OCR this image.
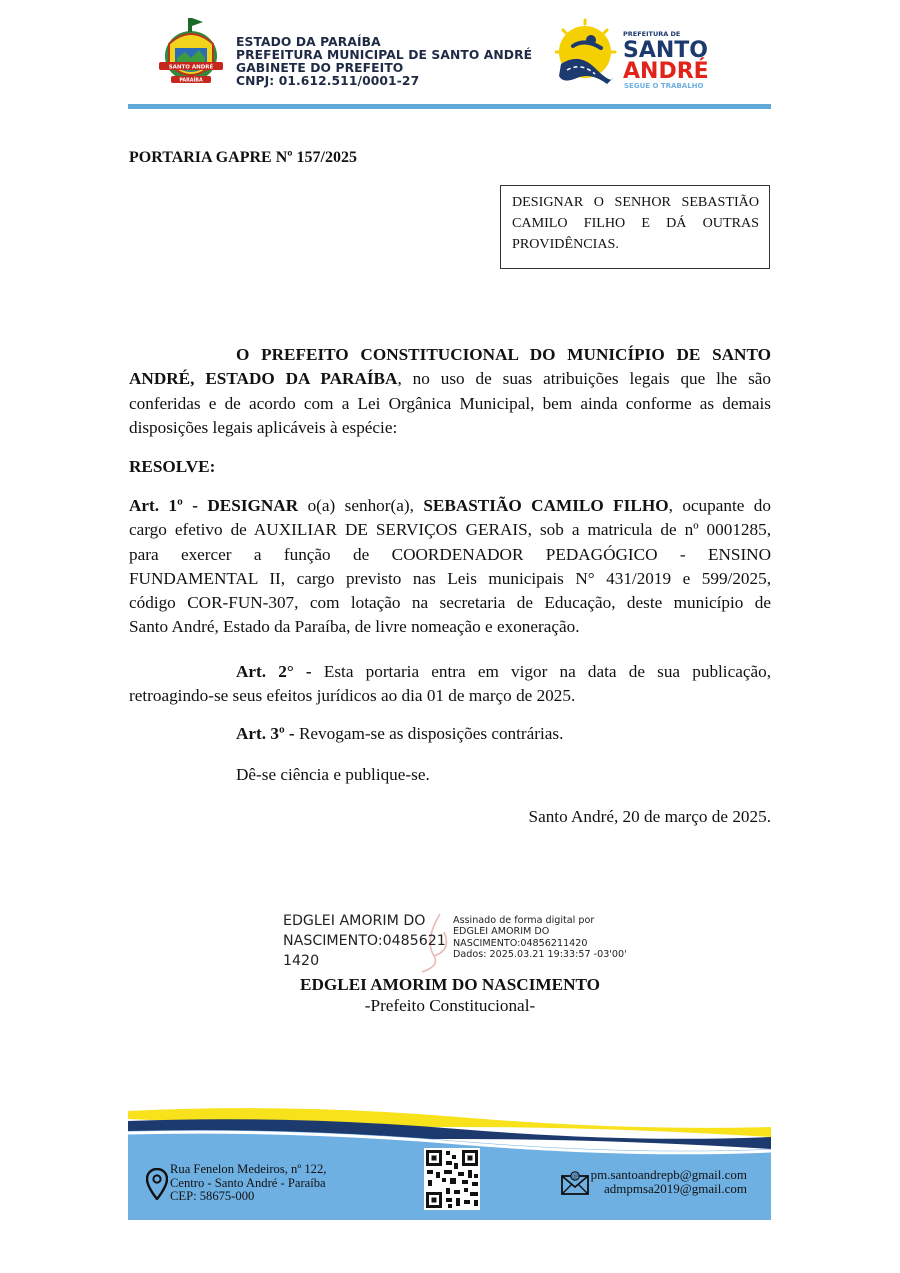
SANTO ANDRÉ
PARAÍBA
ESTADO DA PARAÍBA
PREFEITURA MUNICIPAL DE SANTO ANDRÉ
GABINETE DO PREFEITO
CNPJ: 01.612.511/0001-27
PREFEITURA DE
SANTO
ANDRÉ
SEGUE O TRABALHO
PORTARIA GAPRE Nº 157/2025
DESIGNAR O SENHOR SEBASTIÃO
CAMILO FILHO E DÁ OUTRAS
PROVIDÊNCIAS.
O PREFEITO CONSTITUCIONAL DO MUNICÍPIO DE SANTO
ANDRÉ, ESTADO DA PARAÍBA, no uso de suas atribuições legais que lhe são
conferidas e de acordo com a Lei Orgânica Municipal, bem ainda conforme as demais
disposições legais aplicáveis à espécie:
RESOLVE:
Art. 1º - DESIGNAR o(a) senhor(a), SEBASTIÃO CAMILO FILHO, ocupante do
cargo efetivo de AUXILIAR DE SERVIÇOS GERAIS, sob a matricula de nº 0001285,
para exercer a função de COORDENADOR PEDAGÓGICO - ENSINO
FUNDAMENTAL II, cargo previsto nas Leis municipais N° 431/2019 e 599/2025,
código COR-FUN-307, com lotação na secretaria de Educação, deste município de
Santo André, Estado da Paraíba, de livre nomeação e exoneração.
Art. 2° - Esta portaria entra em vigor na data de sua publicação,
retroagindo-se seus efeitos jurídicos ao dia 01 de março de 2025.
Art. 3º - Revogam-se as disposições contrárias.
Dê-se ciência e publique-se.
Santo André, 20 de março de 2025.
EDGLEI AMORIM DO
NASCIMENTO:0485621
1420
Assinado de forma digital por
EDGLEI AMORIM DO
NASCIMENTO:04856211420
Dados: 2025.03.21 19:33:57 -03'00'
EDGLEI AMORIM DO NASCIMENTO
-Prefeito Constitucional-
Rua Fenelon Medeiros, nº 122,
Centro - Santo André - Paraíba
CEP: 58675-000
@ pm.santoandrepb@gmail.com
admpmsa2019@gmail.com
